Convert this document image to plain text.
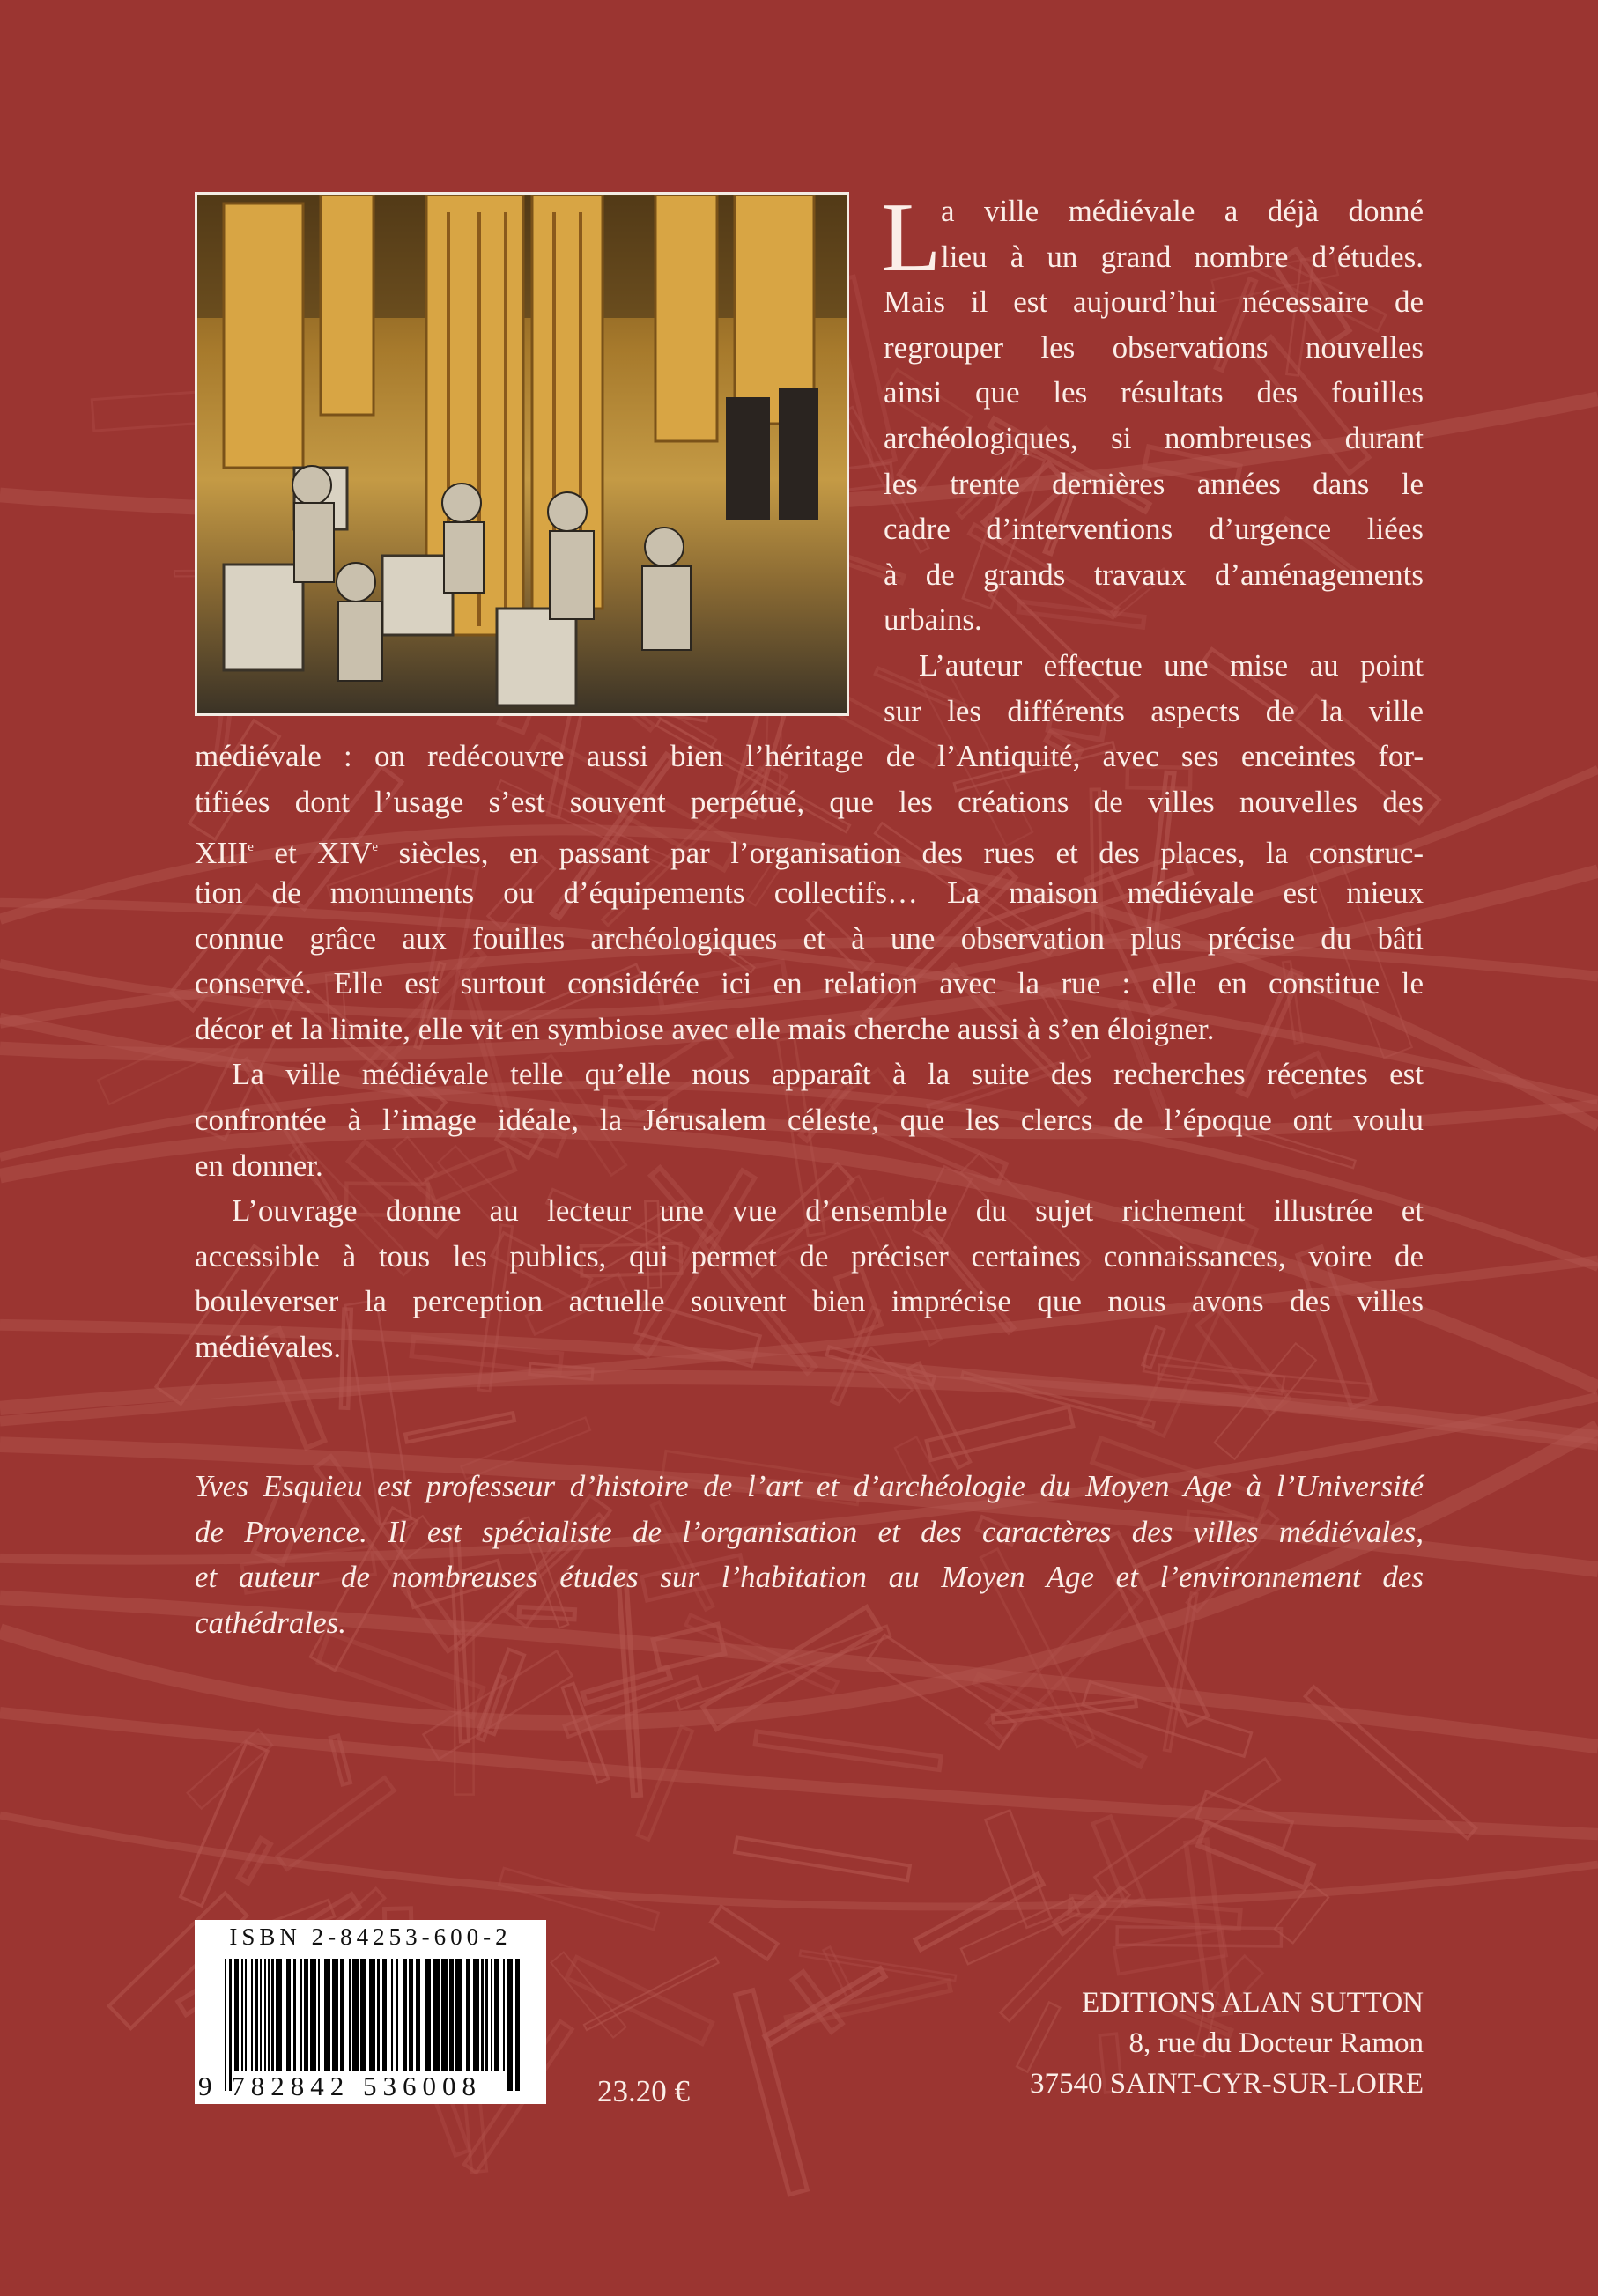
L a ville médiévale a déjà donné
lieu à un grand nombre d’études.
Mais il est aujourd’hui nécessaire de
regrouper les observations nouvelles
ainsi que les résultats des fouilles
archéologiques, si nombreuses durant
les trente dernières années dans le
cadre d’interventions d’urgence liées
à de grands travaux d’aménagements
urbains.
L’auteur effectue une mise au point
sur les différents aspects de la ville
médiévale : on redécouvre aussi bien l’héritage de l’Antiquité, avec ses enceintes for-
tifiées dont l’usage s’est souvent perpétué, que les créations de villes nouvelles des
XIIIe et XIVe siècles, en passant par l’organisation des rues et des places, la construc-
tion de monuments ou d’équipements collectifs… La maison médiévale est mieux
connue grâce aux fouilles archéologiques et à une observation plus précise du bâti
conservé. Elle est surtout considérée ici en relation avec la rue : elle en constitue le
décor et la limite, elle vit en symbiose avec elle mais cherche aussi à s’en éloigner.
La ville médiévale telle qu’elle nous apparaît à la suite des recherches récentes est
confrontée à l’image idéale, la Jérusalem céleste, que les clercs de l’époque ont voulu
en donner.
L’ouvrage donne au lecteur une vue d’ensemble du sujet richement illustrée et
accessible à tous les publics, qui permet de préciser certaines connaissances, voire de
bouleverser la perception actuelle souvent bien imprécise que nous avons des villes
médiévales.
Yves Esquieu est professeur d’histoire de l’art et d’archéologie du Moyen Age à l’Université
de Provence. Il est spécialiste de l’organisation et des caractères des villes médiévales,
et auteur de nombreuses études sur l’habitation au Moyen Age et l’environnement des
cathédrales.
ISBN 2-84253-600-2
9 782842 536008	23.20 €
EDITIONS ALAN SUTTON
8, rue du Docteur Ramon
37540 SAINT-CYR-SUR-LOIRE
